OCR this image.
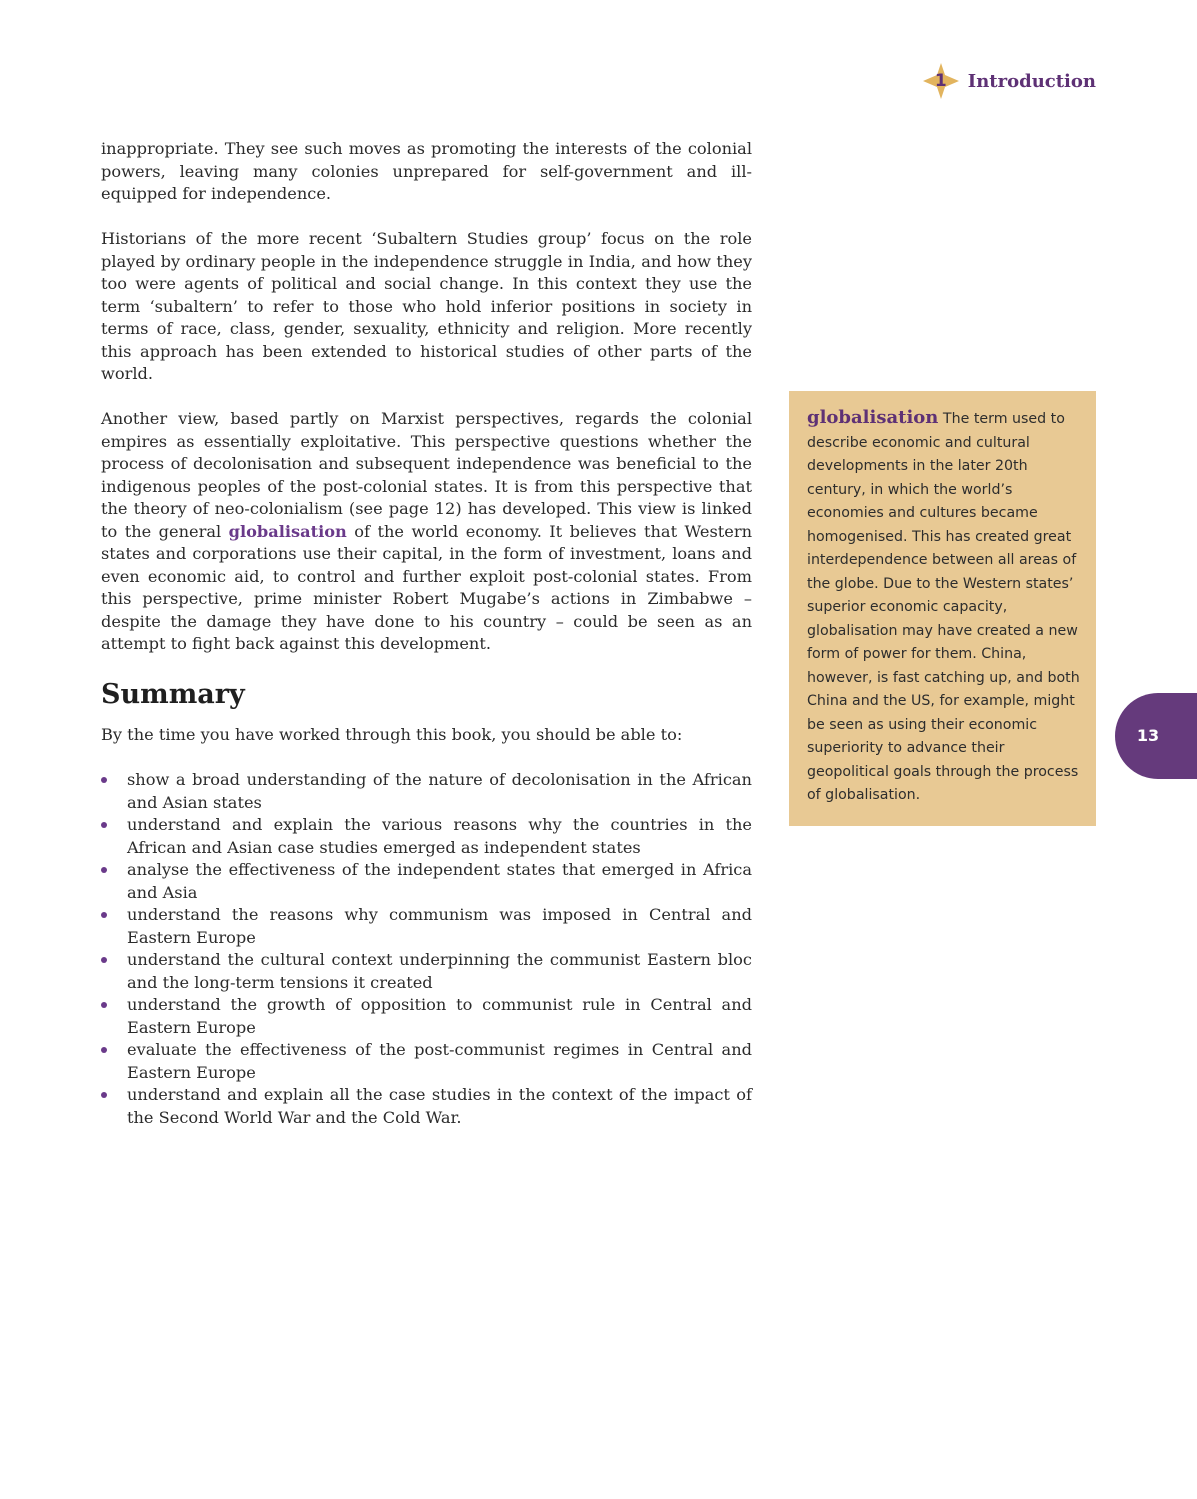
1	Introduction

inappropriate. They see such moves as promoting the interests of the colonial powers, leaving many colonies unprepared for self-government and ill-equipped for independence.

Historians of the more recent ‘Subaltern Studies group’ focus on the role played by ordinary people in the independence struggle in India, and how they too were agents of political and social change. In this context they use the term ‘subaltern’ to refer to those who hold inferior positions in society in terms of race, class, gender, sexuality, ethnicity and religion. More recently this approach has been extended to historical studies of other parts of the world.

Another view, based partly on Marxist perspectives, regards the colonial empires as essentially exploitative. This perspective questions whether the process of decolonisation and subsequent independence was beneficial to the indigenous peoples of the post-colonial states. It is from this perspective that the theory of neo-colonialism (see page 12) has developed. This view is linked to the general globalisation of the world economy. It believes that Western states and corporations use their capital, in the form of investment, loans and even economic aid, to control and further exploit post-colonial states. From this perspective, prime minister Robert Mugabe’s actions in Zimbabwe – despite the damage they have done to his country – could be seen as an attempt to fight back against this development.

Summary

By the time you have worked through this book, you should be able to:

show a broad understanding of the nature of decolonisation in the African and Asian states
understand and explain the various reasons why the countries in the African and Asian case studies emerged as independent states
analyse the effectiveness of the independent states that emerged in Africa and Asia
understand the reasons why communism was imposed in Central and Eastern Europe
understand the cultural context underpinning the communist Eastern bloc and the long-term tensions it created
understand the growth of opposition to communist rule in Central and Eastern Europe
evaluate the effectiveness of the post-communist regimes in Central and Eastern Europe
understand and explain all the case studies in the context of the impact of the Second World War and the Cold War.
globalisation The term used to describe economic and cultural developments in the later 20th century, in which the world’s economies and cultures became homogenised. This has created great interdependence between all areas of the globe. Due to the Western states’ superior economic capacity, globalisation may have created a new form of power for them. China, however, is fast catching up, and both China and the US, for example, might be seen as using their economic superiority to advance their geopolitical goals through the process of globalisation.
13
